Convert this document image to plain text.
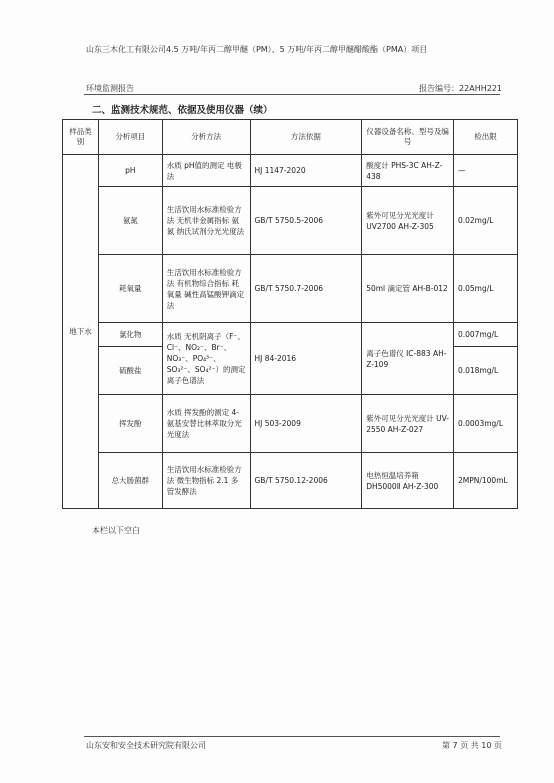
山东三木化工有限公司4.5 万吨/年丙二醇甲醚（PM）、5 万吨/年丙二醇甲醚醋酸酯（PMA）项目
环境监测报告	报告编号：22AHH221
二、监测技术规范、依据及使用仪器（续）
样品类别	分析项目	分析方法	方法依据	仪器设备名称、型号及编号	检出限
地下水	pH	水质 pH值的测定 电极法	HJ 1147-2020	酸度计 PHS-3C AH-Z-438	—
	氨氮	生活饮用水标准检验方法 无机非金属指标 氨氮 纳氏试剂分光光度法	GB/T 5750.5-2006	紫外可见分光光度计 UV2700 AH-Z-305	0.02mg/L
	耗氧量	生活饮用水标准检验方法 有机物综合指标 耗氧量 碱性高锰酸钾滴定法	GB/T 5750.7-2006	50ml 滴定管 AH-B-012	0.05mg/L
	氯化物	水质 无机阴离子（F⁻、Cl⁻、NO₂⁻、Br⁻、NO₃⁻、PO₄³⁻、SO₃²⁻、SO₄²⁻）的测定 离子色谱法	HJ 84-2016	离子色谱仪 IC-883 AH-Z-109	0.007mg/L
	硫酸盐				0.018mg/L
	挥发酚	水质 挥发酚的测定 4-氨基安替比林萃取分光光度法	HJ 503-2009	紫外可见分光光度计 UV-2550 AH-Z-027	0.0003mg/L
	总大肠菌群	生活饮用水标准检验方法 微生物指标 2.1 多管发酵法	GB/T 5750.12-2006	电热恒温培养箱 DH5000Ⅱ AH-Z-300	2MPN/100mL
本栏以下空白
山东安和安全技术研究院有限公司	第 7 页 共 10 页
